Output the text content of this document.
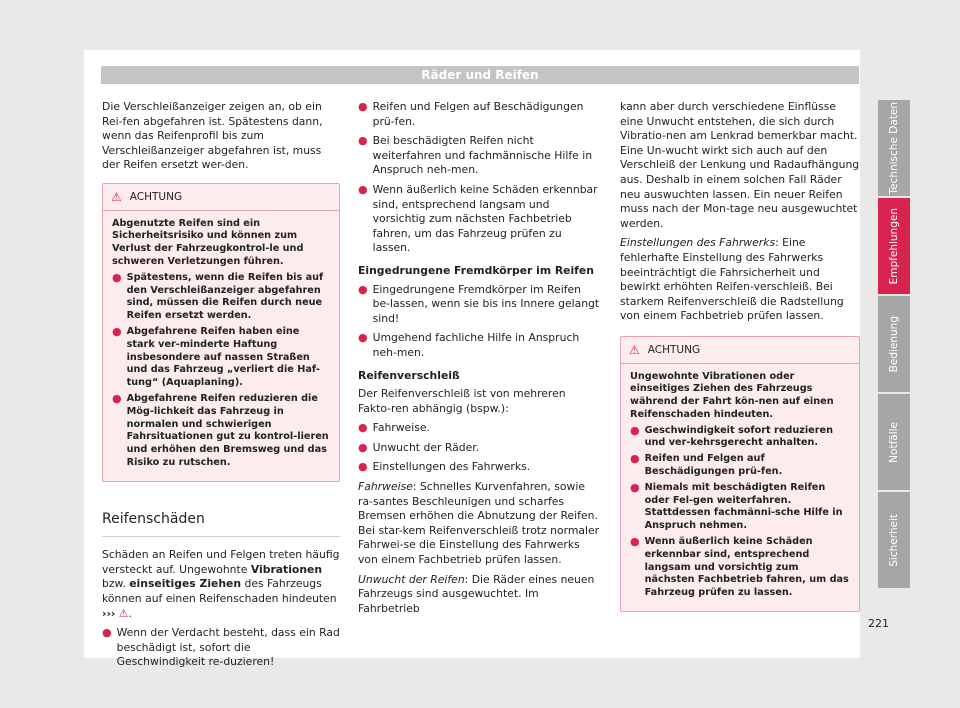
Räder und Reifen

Die Verschleißanzeiger zeigen an, ob ein Rei-fen abgefahren ist. Spätestens dann, wenn das Reifenprofil bis zum Verschleißanzeiger abgefahren ist, muss der Reifen ersetzt wer-den.

⚠ ACHTUNG

Abgenutzte Reifen sind ein Sicherheitsrisiko und können zum Verlust der Fahrzeugkontrol-le und schweren Verletzungen führen.

● Spätestens, wenn die Reifen bis auf den Verschleißanzeiger abgefahren sind, müssen die Reifen durch neue Reifen ersetzt werden.
● Abgefahrene Reifen haben eine stark ver-minderte Haftung insbesondere auf nassen Straßen und das Fahrzeug „verliert die Haf-tung“ (Aquaplaning).
● Abgefahrene Reifen reduzieren die Mög-lichkeit das Fahrzeug in normalen und schwierigen Fahrsituationen gut zu kontrol-lieren und erhöhen den Bremsweg und das Risiko zu rutschen.
Reifenschäden

Schäden an Reifen und Felgen treten häufig versteckt auf. Ungewohnte Vibrationen bzw. einseitiges Ziehen des Fahrzeugs können auf einen Reifenschaden hindeuten ››› ⚠.

● Wenn der Verdacht besteht, dass ein Rad beschädigt ist, sofort die Geschwindigkeit re-duzieren!
● Reifen und Felgen auf Beschädigungen prü-fen.
● Bei beschädigten Reifen nicht weiterfahren und fachmännische Hilfe in Anspruch neh-men.
● Wenn äußerlich keine Schäden erkennbar sind, entsprechend langsam und vorsichtig zum nächsten Fachbetrieb fahren, um das Fahrzeug prüfen zu lassen.
Eingedrungene Fremdkörper im Reifen
● Eingedrungene Fremdkörper im Reifen be-lassen, wenn sie bis ins Innere gelangt sind!
● Umgehend fachliche Hilfe in Anspruch neh-men.
Reifenverschleiß

Der Reifenverschleiß ist von mehreren Fakto-ren abhängig (bspw.):

● Fahrweise.
● Unwucht der Räder.
● Einstellungen des Fahrwerks.

Fahrweise: Schnelles Kurvenfahren, sowie ra-santes Beschleunigen und scharfes Bremsen erhöhen die Abnutzung der Reifen. Bei star-kem Reifenverschleiß trotz normaler Fahrwei-se die Einstellung des Fahrwerks von einem Fachbetrieb prüfen lassen.

Unwucht der Reifen: Die Räder eines neuen Fahrzeugs sind ausgewuchtet. Im Fahrbetrieb

kann aber durch verschiedene Einflüsse eine Unwucht entstehen, die sich durch Vibratio-nen am Lenkrad bemerkbar macht. Eine Un-wucht wirkt sich auch auf den Verschleiß der Lenkung und Radaufhängung aus. Deshalb in einem solchen Fall Räder neu auswuchten lassen. Ein neuer Reifen muss nach der Mon-tage neu ausgewuchtet werden.

Einstellungen des Fahrwerks: Eine fehlerhafte Einstellung des Fahrwerks beeinträchtigt die Fahrsicherheit und bewirkt erhöhten Reifen-verschleiß. Bei starkem Reifenverschleiß die Radstellung von einem Fachbetrieb prüfen lassen.

⚠ ACHTUNG

Ungewohnte Vibrationen oder einseitiges Ziehen des Fahrzeugs während der Fahrt kön-nen auf einen Reifenschaden hindeuten.

● Geschwindigkeit sofort reduzieren und ver-kehrsgerecht anhalten.
● Reifen und Felgen auf Beschädigungen prü-fen.
● Niemals mit beschädigten Reifen oder Fel-gen weiterfahren. Stattdessen fachmänni-sche Hilfe in Anspruch nehmen.
● Wenn äußerlich keine Schäden erkennbar sind, entsprechend langsam und vorsichtig zum nächsten Fachbetrieb fahren, um das Fahrzeug prüfen zu lassen.
Technische Daten
Empfehlungen
Bedienung
Notfälle
Sicherheit
221
